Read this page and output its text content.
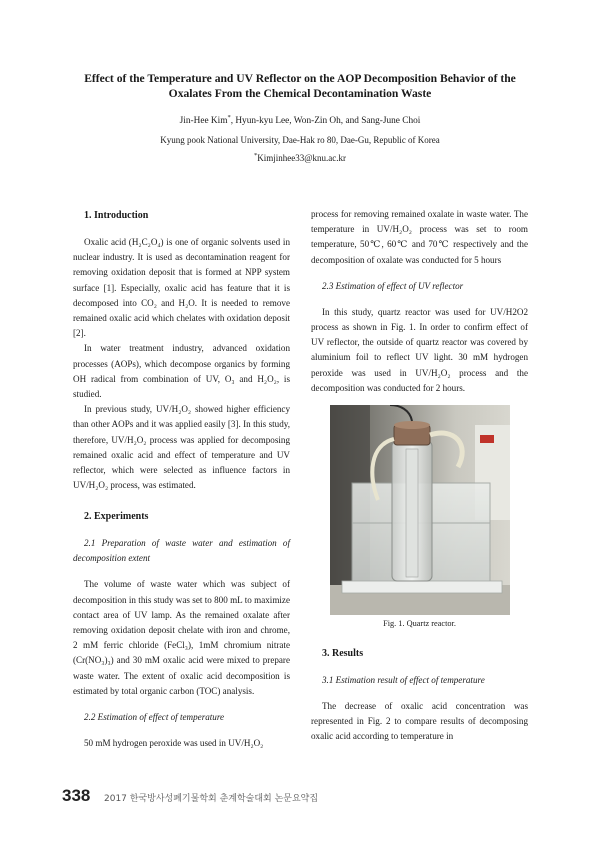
Effect of the Temperature and UV Reflector on the AOP Decomposition Behavior of the
Oxalates From the Chemical Decontamination Waste
Jin-Hee Kim*, Hyun-kyu Lee, Won-Zin Oh, and Sang-June Choi
Kyung pook National University, Dae-Hak ro 80, Dae-Gu, Republic of Korea
*Kimjinhee33@knu.ac.kr

1. Introduction

Oxalic acid (H₂C₂O₄) is one of organic solvents used in nuclear industry. It is used as decontamination reagent for removing oxidation deposit that is formed at NPP system surface [1]. Especially, oxalic acid has feature that it is decomposed into CO₂ and H₂O. It is needed to remove remained oxalic acid which chelates with oxidation deposit [2].

In water treatment industry, advanced oxidation processes (AOPs), which decompose organics by forming OH radical from combination of UV, O₃ and H₂O₂, is studied.

In previous study, UV/H₂O₂ showed higher efficiency than other AOPs and it was applied easily [3]. In this study, therefore, UV/H₂O₂ process was applied for decomposing remained oxalic acid and effect of temperature and UV reflector, which were selected as influence factors in UV/H₂O₂ process, was estimated.

2. Experiments

2.1 Preparation of waste water and estimation of decomposition extent

The volume of waste water which was subject of decomposition in this study was set to 800 mL to maximize contact area of UV lamp. As the remained oxalate after removing oxidation deposit chelate with iron and chrome, 2 mM ferric chloride (FeCl₃), 1mM chromium nitrate (Cr(NO₃)₃) and 30 mM oxalic acid were mixed to prepare waste water. The extent of oxalic acid decomposition is estimated by total organic carbon (TOC) analysis.

2.2 Estimation of effect of temperature

50 mM hydrogen peroxide was used in UV/H₂O₂

process for removing remained oxalate in waste water. The temperature in UV/H₂O₂ process was set to room temperature, 50℃, 60℃ and 70℃ respectively and the decomposition of oxalate was conducted for 5 hours

2.3 Estimation of effect of UV reflector

In this study, quartz reactor was used for UV/H2O2 process as shown in Fig. 1. In order to confirm effect of UV reflector, the outside of quartz reactor was covered by aluminium foil to reflect UV light. 30 mM hydrogen peroxide was used in UV/H₂O₂ process and the decomposition was conducted for 2 hours.

Fig. 1. Quartz reactor.

3. Results

3.1 Estimation result of effect of temperature

The decrease of oxalic acid concentration was represented in Fig. 2 to compare results of decomposing oxalic acid according to temperature in

338 2017 한국방사성폐기물학회 춘계학술대회 논문요약집
